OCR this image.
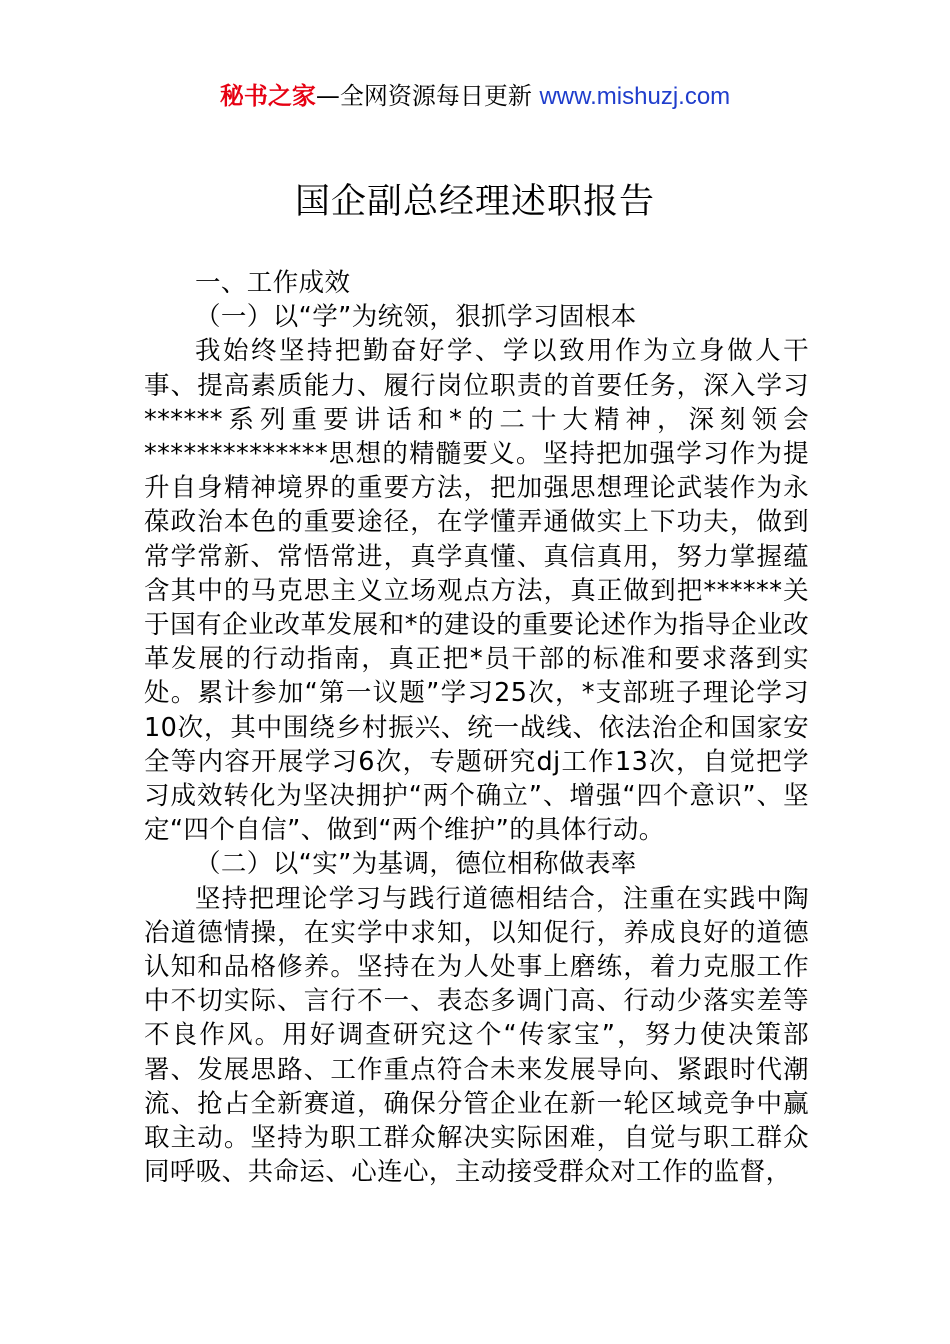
秘书之家—全网资源每日更新 www.mishuzj.com
国企副总经理述职报告

一、工作成效

（一）以“学”为统领，狠抓学习固根本

我始终坚持把勤奋好学、学以致用作为立身做人干事、提高素质能力、履行岗位职责的首要任务，深入学习******系列重要讲话和*的二十大精神，深刻领会**************思想的精髓要义。坚持把加强学习作为提升自身精神境界的重要方法，把加强思想理论武装作为永葆政治本色的重要途径，在学懂弄通做实上下功夫，做到常学常新、常悟常进，真学真懂、真信真用，努力掌握蕴含其中的马克思主义立场观点方法，真正做到把******关于国有企业改革发展和*的建设的重要论述作为指导企业改革发展的行动指南，真正把*员干部的标准和要求落到实处。累计参加“第一议题”学习25次，*支部班子理论学习10次，其中围绕乡村振兴、统一战线、依法治企和国家安全等内容开展学习6次，专题研究dj工作13次，自觉把学习成效转化为坚决拥护“两个确立”、增强“四个意识”、坚定“四个自信”、做到“两个维护”的具体行动。

（二）以“实”为基调，德位相称做表率

坚持把理论学习与践行道德相结合，注重在实践中陶冶道德情操，在实学中求知，以知促行，养成良好的道德认知和品格修养。坚持在为人处事上磨练，着力克服工作中不切实际、言行不一、表态多调门高、行动少落实差等不良作风。用好调查研究这个“传家宝”，努力使决策部署、发展思路、工作重点符合未来发展导向、紧跟时代潮流、抢占全新赛道，确保分管企业在新一轮区域竞争中赢取主动。坚持为职工群众解决实际困难，自觉与职工群众同呼吸、共命运、心连心，主动接受群众对工作的监督，
